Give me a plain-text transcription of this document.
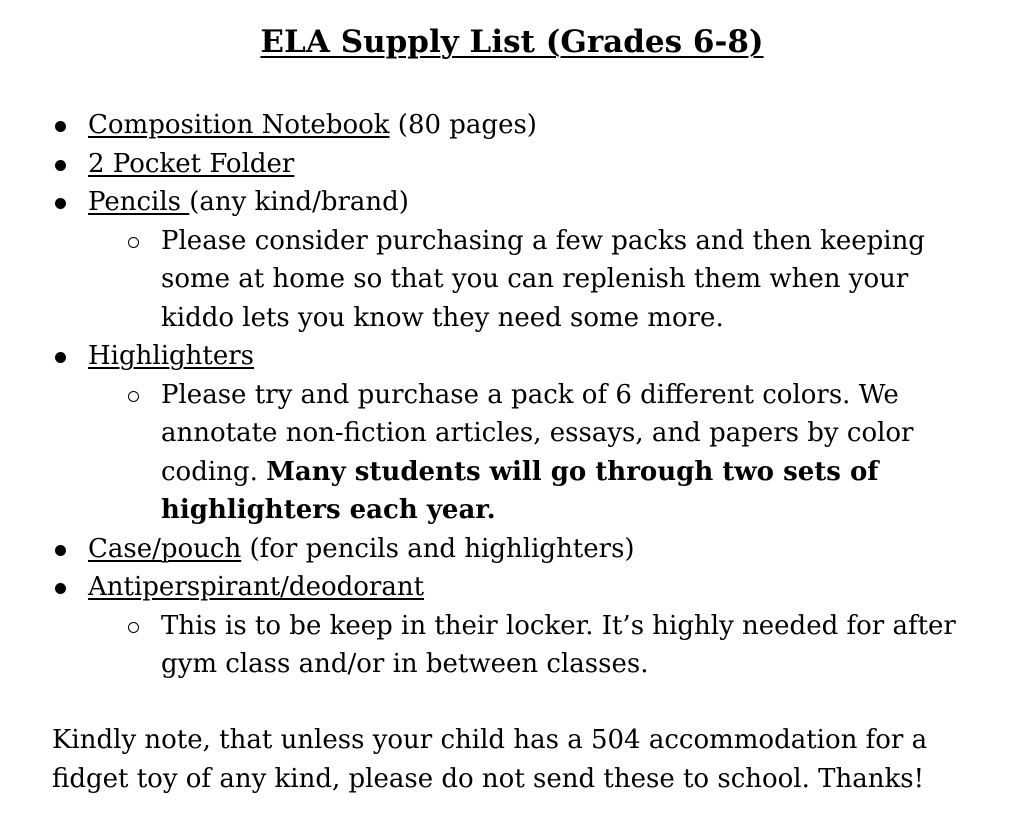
ELA Supply List (Grades 6-8)
Composition Notebook (80 pages)
2 Pocket Folder
Pencils (any kind/brand)
Please consider purchasing a few packs and then keeping some at home so that you can replenish them when your kiddo lets you know they need some more.
Highlighters
Please try and purchase a pack of 6 different colors. We annotate non-fiction articles, essays, and papers by color coding. Many students will go through two sets of highlighters each year.
Case/pouch (for pencils and highlighters)
Antiperspirant/deodorant
This is to be keep in their locker. It’s highly needed for after gym class and/or in between classes.

Kindly note, that unless your child has a 504 accommodation for a fidget toy of any kind, please do not send these to school. Thanks!
